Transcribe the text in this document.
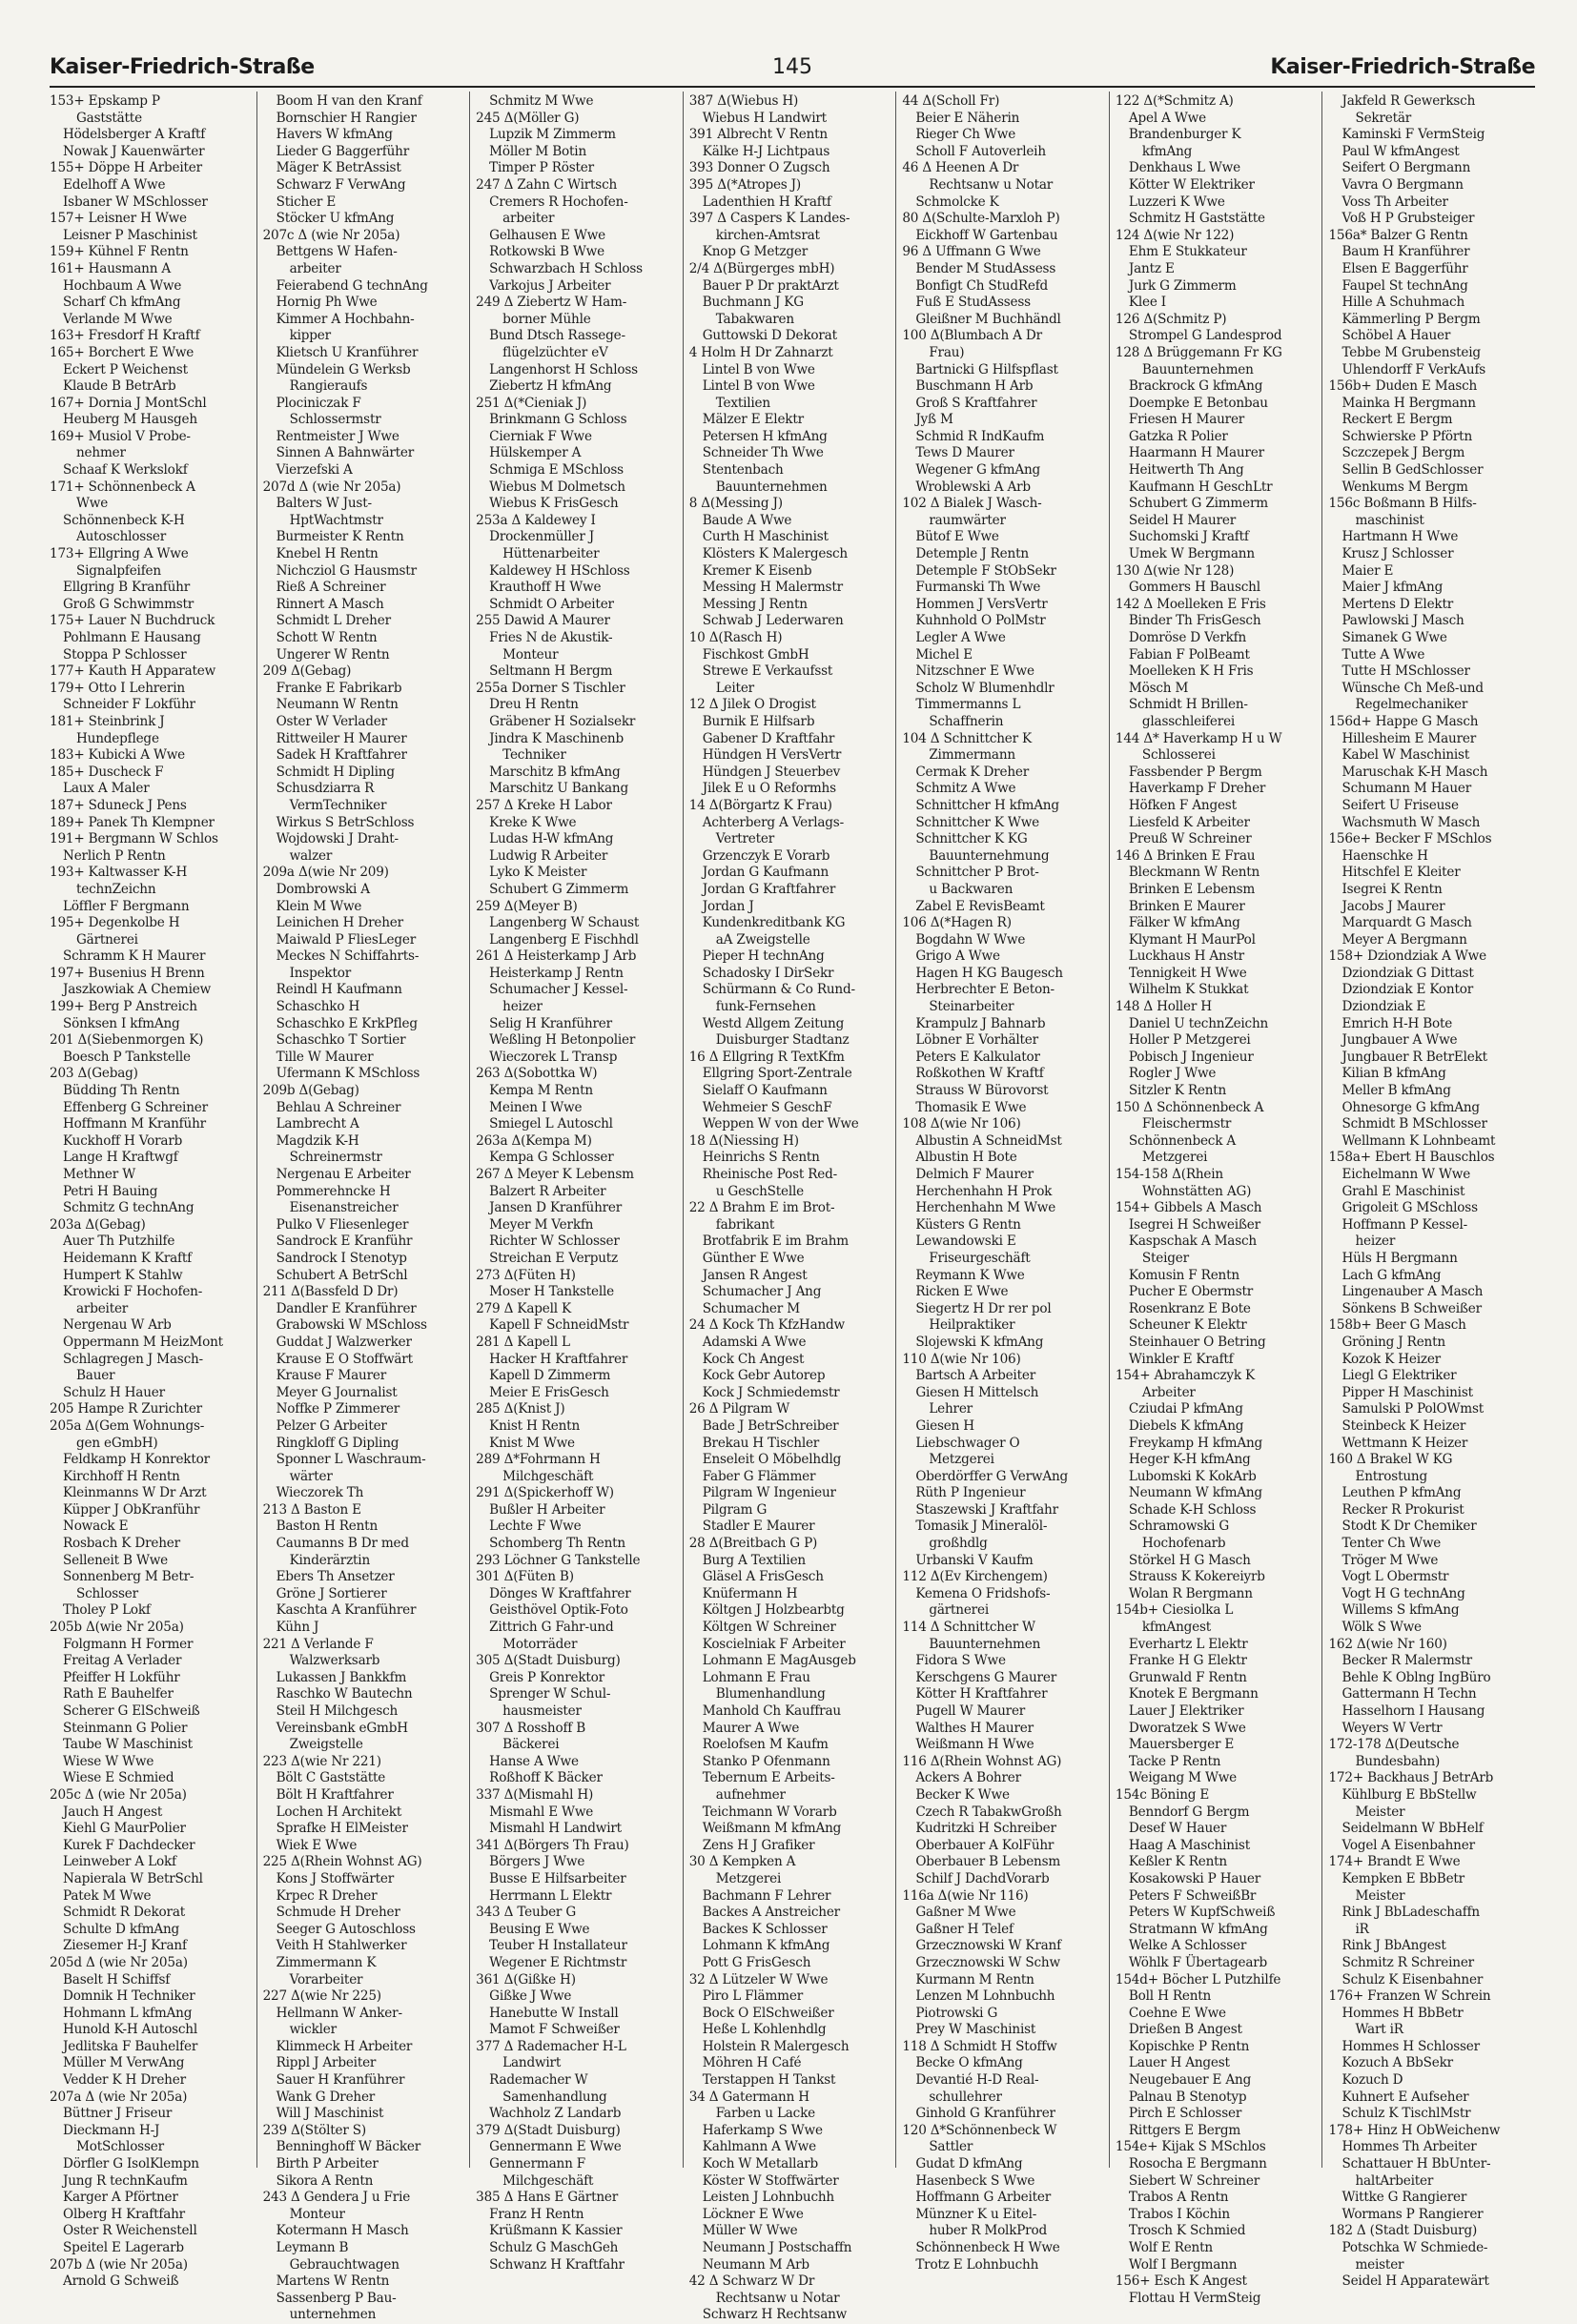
Kaiser-Friedrich-Straße	145	Kaiser-Friedrich-Straße
153+ Epskamp P
Gaststätte
Hödelsberger A Kraftf
Nowak J Kauenwärter
155+ Döppe H Arbeiter
Edelhoff A Wwe
Isbaner W MSchlosser
157+ Leisner H Wwe
Leisner P Maschinist
159+ Kühnel F Rentn
161+ Hausmann A
Hochbaum A Wwe
Scharf Ch kfmAng
Verlande M Wwe
163+ Fresdorf H Kraftf
165+ Borchert E Wwe
Eckert P Weichenst
Klaude B BetrArb
167+ Dornia J MontSchl
Heuberg M Hausgeh
169+ Musiol V Probe-
nehmer
Schaaf K Werkslokf
171+ Schönnenbeck A
Wwe
Schönnenbeck K-H
Autoschlosser
173+ Ellgring A Wwe
Signalpfeifen
Ellgring B Kranführ
Groß G Schwimmstr
175+ Lauer N Buchdruck
Pohlmann E Hausang
Stoppa P Schlosser
177+ Kauth H Apparatew
179+ Otto I Lehrerin
Schneider F Lokführ
181+ Steinbrink J
Hundepflege
183+ Kubicki A Wwe
185+ Duscheck F
Laux A Maler
187+ Sduneck J Pens
189+ Panek Th Klempner
191+ Bergmann W Schlos
Nerlich P Rentn
193+ Kaltwasser K-H
technZeichn
Löffler F Bergmann
195+ Degenkolbe H
Gärtnerei
Schramm K H Maurer
197+ Busenius H Brenn
Jaszkowiak A Chemiew
199+ Berg P Anstreich
Sönksen I kfmAng
201 Δ(Siebenmorgen K)
Boesch P Tankstelle
203 Δ(Gebag)
Büdding Th Rentn
Effenberg G Schreiner
Hoffmann M Kranführ
Kuckhoff H Vorarb
Lange H Kraftwgf
Methner W
Petri H Bauing
Schmitz G technAng
203a Δ(Gebag)
Auer Th Putzhilfe
Heidemann K Kraftf
Humpert K Stahlw
Krowicki F Hochofen-
arbeiter
Nergenau W Arb
Oppermann M HeizMont
Schlagregen J Masch-
Bauer
Schulz H Hauer
205 Hampe R Zurichter
205a Δ(Gem Wohnungs-
gen eGmbH)
Feldkamp H Konrektor
Kirchhoff H Rentn
Kleinmanns W Dr Arzt
Küpper J ObKranführ
Nowack E
Rosbach K Dreher
Selleneit B Wwe
Sonnenberg M Betr-
Schlosser
Tholey P Lokf
205b Δ(wie Nr 205a)
Folgmann H Former
Freitag A Verlader
Pfeiffer H Lokführ
Rath E Bauhelfer
Scherer G ElSchweiß
Steinmann G Polier
Taube W Maschinist
Wiese W Wwe
Wiese E Schmied
205c Δ (wie Nr 205a)
Jauch H Angest
Kiehl G MaurPolier
Kurek F Dachdecker
Leinweber A Lokf
Napierala W BetrSchl
Patek M Wwe
Schmidt R Dekorat
Schulte D kfmAng
Ziesemer H-J Kranf
205d Δ (wie Nr 205a)
Baselt H Schiffsf
Domnik H Techniker
Hohmann L kfmAng
Hunold K-H Autoschl
Jedlitska F Bauhelfer
Müller M VerwAng
Vedder K H Dreher
207a Δ (wie Nr 205a)
Büttner J Friseur
Dieckmann H-J
MotSchlosser
Dörfler G IsolKlempn
Jung R technKaufm
Karger A Pförtner
Olberg H Kraftfahr
Oster R Weichenstell
Speitel E Lagerarb
207b Δ (wie Nr 205a)
Arnold G Schweiß
Boom H van den Kranf
Bornschier H Rangier
Havers W kfmAng
Lieder G Baggerführ
Mäger K BetrAssist
Schwarz F VerwAng
Sticher E
Stöcker U kfmAng
207c Δ (wie Nr 205a)
Bettgens W Hafen-
arbeiter
Feierabend G technAng
Hornig Ph Wwe
Kimmer A Hochbahn-
kipper
Klietsch U Kranführer
Mündelein G Werksb
Rangieraufs
Plociniczak F
Schlossermstr
Rentmeister J Wwe
Sinnen A Bahnwärter
Vierzefski A
207d Δ (wie Nr 205a)
Balters W Just-
HptWachtmstr
Burmeister K Rentn
Knebel H Rentn
Nichcziol G Hausmstr
Rieß A Schreiner
Rinnert A Masch
Schmidt L Dreher
Schott W Rentn
Ungerer W Rentn
209 Δ(Gebag)
Franke E Fabrikarb
Neumann W Rentn
Oster W Verlader
Rittweiler H Maurer
Sadek H Kraftfahrer
Schmidt H Dipling
Schusdziarra R
VermTechniker
Wirkus S BetrSchloss
Wojdowski J Draht-
walzer
209a Δ(wie Nr 209)
Dombrowski A
Klein M Wwe
Leinichen H Dreher
Maiwald P FliesLeger
Meckes N Schiffahrts-
Inspektor
Reindl H Kaufmann
Schaschko H
Schaschko E KrkPfleg
Schaschko T Sortier
Tille W Maurer
Ufermann K MSchloss
209b Δ(Gebag)
Behlau A Schreiner
Lambrecht A
Magdzik K-H
Schreinermstr
Nergenau E Arbeiter
Pommerehncke H
Eisenanstreicher
Pulko V Fliesenleger
Sandrock E Kranführ
Sandrock I Stenotyp
Schubert A BetrSchl
211 Δ(Bassfeld D Dr)
Dandler E Kranführer
Grabowski W MSchloss
Guddat J Walzwerker
Krause E O Stoffwärt
Krause F Maurer
Meyer G Journalist
Noffke P Zimmerer
Pelzer G Arbeiter
Ringkloff G Dipling
Sponner L Waschraum-
wärter
Wieczorek Th
213 Δ Baston E
Baston H Rentn
Caumanns B Dr med
Kinderärztin
Ebers Th Ansetzer
Gröne J Sortierer
Kaschta A Kranführer
Kühn J
221 Δ Verlande F
Walzwerksarb
Lukassen J Bankkfm
Raschko W Bautechn
Steil H Milchgesch
Vereinsbank eGmbH
Zweigstelle
223 Δ(wie Nr 221)
Bölt C Gaststätte
Bölt H Kraftfahrer
Lochen H Architekt
Sprafke H ElMeister
Wiek E Wwe
225 Δ(Rhein Wohnst AG)
Kons J Stoffwärter
Krpec R Dreher
Schmude H Dreher
Seeger G Autoschloss
Veith H Stahlwerker
Zimmermann K
Vorarbeiter
227 Δ(wie Nr 225)
Hellmann W Anker-
wickler
Klimmeck H Arbeiter
Rippl J Arbeiter
Sauer H Kranführer
Wank G Dreher
Will J Maschinist
239 Δ(Stölter S)
Benninghoff W Bäcker
Birth P Arbeiter
Sikora A Rentn
243 Δ Gendera J u Frie
Monteur
Kotermann H Masch
Leymann B
Gebrauchtwagen
Martens W Rentn
Sassenberg P Bau-
unternehmen
Schmitz M Wwe
245 Δ(Möller G)
Lupzik M Zimmerm
Möller M Botin
Timper P Röster
247 Δ Zahn C Wirtsch
Cremers R Hochofen-
arbeiter
Gelhausen E Wwe
Rotkowski B Wwe
Schwarzbach H Schloss
Varkojus J Arbeiter
249 Δ Ziebertz W Ham-
borner Mühle
Bund Dtsch Rassege-
flügelzüchter eV
Langenhorst H Schloss
Ziebertz H kfmAng
251 Δ(*Cieniak J)
Brinkmann G Schloss
Cierniak F Wwe
Hülskemper A
Schmiga E MSchloss
Wiebus M Dolmetsch
Wiebus K FrisGesch
253a Δ Kaldewey I
Drockenmüller J
Hüttenarbeiter
Kaldewey H HSchloss
Krauthoff H Wwe
Schmidt O Arbeiter
255 Dawid A Maurer
Fries N de Akustik-
Monteur
Seltmann H Bergm
255a Dorner S Tischler
Dreu H Rentn
Gräbener H Sozialsekr
Jindra K Maschinenb
Techniker
Marschitz B kfmAng
Marschitz U Bankang
257 Δ Kreke H Labor
Kreke K Wwe
Ludas H-W kfmAng
Ludwig R Arbeiter
Lyko K Meister
Schubert G Zimmerm
259 Δ(Meyer B)
Langenberg W Schaust
Langenberg E Fischhdl
261 Δ Heisterkamp J Arb
Heisterkamp J Rentn
Schumacher J Kessel-
heizer
Selig H Kranführer
Weßling H Betonpolier
Wieczorek L Transp
263 Δ(Sobottka W)
Kempa M Rentn
Meinen I Wwe
Smiegel L Autoschl
263a Δ(Kempa M)
Kempa G Schlosser
267 Δ Meyer K Lebensm
Balzert R Arbeiter
Jansen D Kranführer
Meyer M Verkfn
Richter W Schlosser
Streichan E Verputz
273 Δ(Füten H)
Moser H Tankstelle
279 Δ Kapell K
Kapell F SchneidMstr
281 Δ Kapell L
Hacker H Kraftfahrer
Kapell D Zimmerm
Meier E FrisGesch
285 Δ(Knist J)
Knist H Rentn
Knist M Wwe
289 Δ*Fohrmann H
Milchgeschäft
291 Δ(Spickerhoff W)
Bußler H Arbeiter
Lechte F Wwe
Schomberg Th Rentn
293 Löchner G Tankstelle
301 Δ(Füten B)
Dönges W Kraftfahrer
Geisthövel Optik-Foto
Zittrich G Fahr-und
Motorräder
305 Δ(Stadt Duisburg)
Greis P Konrektor
Sprenger W Schul-
hausmeister
307 Δ Rosshoff B
Bäckerei
Hanse A Wwe
Roßhoff K Bäcker
337 Δ(Mismahl H)
Mismahl E Wwe
Mismahl H Landwirt
341 Δ(Börgers Th Frau)
Börgers J Wwe
Busse E Hilfsarbeiter
Herrmann L Elektr
343 Δ Teuber G
Beusing E Wwe
Teuber H Installateur
Wegener E Richtmstr
361 Δ(Gißke H)
Gißke J Wwe
Hanebutte W Install
Mamot F Schweißer
377 Δ Rademacher H-L
Landwirt
Rademacher W
Samenhandlung
Wachholz Z Landarb
379 Δ(Stadt Duisburg)
Gennermann E Wwe
Gennermann F
Milchgeschäft
385 Δ Hans E Gärtner
Franz H Rentn
Krüßmann K Kassier
Schulz G MaschGeh
Schwanz H Kraftfahr
387 Δ(Wiebus H)
Wiebus H Landwirt
391 Albrecht V Rentn
Kälke H-J Lichtpaus
393 Donner O Zugsch
395 Δ(*Atropes J)
Ladenthien H Kraftf
397 Δ Caspers K Landes-
kirchen-Amtsrat
Knop G Metzger
2/4 Δ(Bürgerges mbH)
Bauer P Dr praktArzt
Buchmann J KG
Tabakwaren
Guttowski D Dekorat
4 Holm H Dr Zahnarzt
Lintel B von Wwe
Lintel B von Wwe
Textilien
Mälzer E Elektr
Petersen H kfmAng
Schneider Th Wwe
Stentenbach
Bauunternehmen
8 Δ(Messing J)
Baude A Wwe
Curth H Maschinist
Klösters K Malergesch
Kremer K Eisenb
Messing H Malermstr
Messing J Rentn
Schwab J Lederwaren
10 Δ(Rasch H)
Fischkost GmbH
Strewe E Verkaufsst
Leiter
12 Δ Jilek O Drogist
Burnik E Hilfsarb
Gabener D Kraftfahr
Hündgen H VersVertr
Hündgen J Steuerbev
Jilek E u O Reformhs
14 Δ(Börgartz K Frau)
Achterberg A Verlags-
Vertreter
Grzenczyk E Vorarb
Jordan G Kaufmann
Jordan G Kraftfahrer
Jordan J
Kundenkreditbank KG
aA Zweigstelle
Pieper H technAng
Schadosky I DirSekr
Schürmann & Co Rund-
funk-Fernsehen
Westd Allgem Zeitung
Duisburger Stadtanz
16 Δ Ellgring R TextKfm
Ellgring Sport-Zentrale
Sielaff O Kaufmann
Wehmeier S GeschF
Weppen W von der Wwe
18 Δ(Niessing H)
Heinrichs S Rentn
Rheinische Post Red-
u GeschStelle
22 Δ Brahm E im Brot-
fabrikant
Brotfabrik E im Brahm
Günther E Wwe
Jansen R Angest
Schumacher J Ang
Schumacher M
24 Δ Kock Th KfzHandw
Adamski A Wwe
Kock Ch Angest
Kock Gebr Autorep
Kock J Schmiedemstr
26 Δ Pilgram W
Bade J BetrSchreiber
Brekau H Tischler
Enseleit O Möbelhdlg
Faber G Flämmer
Pilgram W Ingenieur
Pilgram G
Stadler E Maurer
28 Δ(Breitbach G P)
Burg A Textilien
Gläsel A FrisGesch
Knüfermann H
Költgen J Holzbearbtg
Költgen W Schreiner
Koscielniak F Arbeiter
Lohmann E MagAusgeb
Lohmann E Frau
Blumenhandlung
Manhold Ch Kauffrau
Maurer A Wwe
Roelofsen M Kaufm
Stanko P Ofenmann
Tebernum E Arbeits-
aufnehmer
Teichmann W Vorarb
Weißmann M kfmAng
Zens H J Grafiker
30 Δ Kempken A
Metzgerei
Bachmann F Lehrer
Backes A Anstreicher
Backes K Schlosser
Lohmann K kfmAng
Pott G FrisGesch
32 Δ Lützeler W Wwe
Piro L Flämmer
Bock O ElSchweißer
Heße L Kohlenhdlg
Holstein R Malergesch
Möhren H Café
Terstappen H Tankst
34 Δ Gatermann H
Farben u Lacke
Haferkamp S Wwe
Kahlmann A Wwe
Koch W Metallarb
Köster W Stoffwärter
Leisten J Lohnbuchh
Löckner E Wwe
Müller W Wwe
Neumann J Postschaffn
Neumann M Arb
42 Δ Schwarz W Dr
Rechtsanw u Notar
Schwarz H Rechtsanw
44 Δ(Scholl Fr)
Beier E Näherin
Rieger Ch Wwe
Scholl F Autoverleih
46 Δ Heenen A Dr
Rechtsanw u Notar
Schmolcke K
80 Δ(Schulte-Marxloh P)
Eickhoff W Gartenbau
96 Δ Uffmann G Wwe
Bender M StudAssess
Bonfigt Ch StudRefd
Fuß E StudAssess
Gleißner M Buchhändl
100 Δ(Blumbach A Dr
Frau)
Bartnicki G Hilfspflast
Buschmann H Arb
Groß S Kraftfahrer
Jyß M
Schmid R IndKaufm
Tews D Maurer
Wegener G kfmAng
Wroblewski A Arb
102 Δ Bialek J Wasch-
raumwärter
Bütof E Wwe
Detemple J Rentn
Detemple F StObSekr
Furmanski Th Wwe
Hommen J VersVertr
Kuhnhold O PolMstr
Legler A Wwe
Michel E
Nitzschner E Wwe
Scholz W Blumenhdlr
Timmermanns L
Schaffnerin
104 Δ Schnittcher K
Zimmermann
Cermak K Dreher
Schmitz A Wwe
Schnittcher H kfmAng
Schnittcher K Wwe
Schnittcher K KG
Bauunternehmung
Schnittcher P Brot-
u Backwaren
Zabel E RevisBeamt
106 Δ(*Hagen R)
Bogdahn W Wwe
Grigo A Wwe
Hagen H KG Baugesch
Herbrechter E Beton-
Steinarbeiter
Krampulz J Bahnarb
Löbner E Vorhälter
Peters E Kalkulator
Roßkothen W Kraftf
Strauss W Bürovorst
Thomasik E Wwe
108 Δ(wie Nr 106)
Albustin A SchneidMst
Albustin H Bote
Delmich F Maurer
Herchenhahn H Prok
Herchenhahn M Wwe
Küsters G Rentn
Lewandowski E
Friseurgeschäft
Reymann K Wwe
Ricken E Wwe
Siegertz H Dr rer pol
Heilpraktiker
Slojewski K kfmAng
110 Δ(wie Nr 106)
Bartsch A Arbeiter
Giesen H Mittelsch
Lehrer
Giesen H
Liebschwager O
Metzgerei
Oberdörffer G VerwAng
Rüth P Ingenieur
Staszewski J Kraftfahr
Tomasik J Mineralöl-
großhdlg
Urbanski V Kaufm
112 Δ(Ev Kirchengem)
Kemena O Fridshofs-
gärtnerei
114 Δ Schnittcher W
Bauunternehmen
Fidora S Wwe
Kerschgens G Maurer
Kötter H Kraftfahrer
Pugell W Maurer
Walthes H Maurer
Weißmann H Wwe
116 Δ(Rhein Wohnst AG)
Ackers A Bohrer
Becker K Wwe
Czech R TabakwGroßh
Kudritzki H Schreiber
Oberbauer A KolFühr
Oberbauer B Lebensm
Schilf J DachdVorarb
116a Δ(wie Nr 116)
Gaßner M Wwe
Gaßner H Telef
Grzecznowski W Kranf
Grzecznowski W Schw
Kurmann M Rentn
Lenzen M Lohnbuchh
Piotrowski G
Prey W Maschinist
118 Δ Schmidt H Stoffw
Becke O kfmAng
Devantié H-D Real-
schullehrer
Ginhold G Kranführer
120 Δ*Schönnenbeck W
Sattler
Gudat D kfmAng
Hasenbeck S Wwe
Hoffmann G Arbeiter
Münzner K u Eitel-
huber R MolkProd
Schönnenbeck H Wwe
Trotz E Lohnbuchh
122 Δ(*Schmitz A)
Apel A Wwe
Brandenburger K
kfmAng
Denkhaus L Wwe
Kötter W Elektriker
Luzzeri K Wwe
Schmitz H Gaststätte
124 Δ(wie Nr 122)
Ehm E Stukkateur
Jantz E
Jurk G Zimmerm
Klee I
126 Δ(Schmitz P)
Strompel G Landesprod
128 Δ Brüggemann Fr KG
Bauunternehmen
Brackrock G kfmAng
Doempke E Betonbau
Friesen H Maurer
Gatzka R Polier
Haarmann H Maurer
Heitwerth Th Ang
Kaufmann H GeschLtr
Schubert G Zimmerm
Seidel H Maurer
Suchomski J Kraftf
Umek W Bergmann
130 Δ(wie Nr 128)
Gommers H Bauschl
142 Δ Moelleken E Fris
Binder Th FrisGesch
Domröse D Verkfn
Fabian F PolBeamt
Moelleken K H Fris
Mösch M
Schmidt H Brillen-
glasschleiferei
144 Δ* Haverkamp H u W
Schlosserei
Fassbender P Bergm
Haverkamp F Dreher
Höfken F Angest
Liesfeld K Arbeiter
Preuß W Schreiner
146 Δ Brinken E Frau
Bleckmann W Rentn
Brinken E Lebensm
Brinken E Maurer
Fälker W kfmAng
Klymant H MaurPol
Luckhaus H Anstr
Tennigkeit H Wwe
Wilhelm K Stukkat
148 Δ Holler H
Daniel U technZeichn
Holler P Metzgerei
Pobisch J Ingenieur
Rogler J Wwe
Sitzler K Rentn
150 Δ Schönnenbeck A
Fleischermstr
Schönnenbeck A
Metzgerei
154-158 Δ(Rhein
Wohnstätten AG)
154+ Gibbels A Masch
Isegrei H Schweißer
Kaspschak A Masch
Steiger
Komusin F Rentn
Pucher E Obermstr
Rosenkranz E Bote
Scheuner K Elektr
Steinhauer O Betring
Winkler E Kraftf
154+ Abrahamczyk K
Arbeiter
Cziudai P kfmAng
Diebels K kfmAng
Freykamp H kfmAng
Heger K-H kfmAng
Lubomski K KokArb
Neumann W kfmAng
Schade K-H Schloss
Schramowski G
Hochofenarb
Störkel H G Masch
Strauss K Kokereiyrb
Wolan R Bergmann
154b+ Ciesiolka L
kfmAngest
Everhartz L Elektr
Franke H G Elektr
Grunwald F Rentn
Knotek E Bergmann
Lauer J Elektriker
Dworatzek S Wwe
Mauersberger E
Tacke P Rentn
Weigang M Wwe
154c Böning E
Benndorf G Bergm
Desef W Hauer
Haag A Maschinist
Keßler K Rentn
Kosakowski P Hauer
Peters F SchweißBr
Peters W KupfSchweiß
Stratmann W kfmAng
Welke A Schlosser
Wöhlk F Übertagearb
154d+ Böcher L Putzhilfe
Boll H Rentn
Coehne E Wwe
Drießen B Angest
Kopischke P Rentn
Lauer H Angest
Neugebauer E Ang
Palnau B Stenotyp
Pirch E Schlosser
Rittgers E Bergm
154e+ Kijak S MSchlos
Rosocha E Bergmann
Siebert W Schreiner
Trabos A Rentn
Trabos I Köchin
Trosch K Schmied
Wolf E Rentn
Wolf I Bergmann
156+ Esch K Angest
Flottau H VermSteig
Jakfeld R Gewerksch
Sekretär
Kaminski F VermSteig
Paul W kfmAngest
Seifert O Bergmann
Vavra O Bergmann
Voss Th Arbeiter
Voß H P Grubsteiger
156a* Balzer G Rentn
Baum H Kranführer
Elsen E Baggerführ
Faupel St technAng
Hille A Schuhmach
Kämmerling P Bergm
Schöbel A Hauer
Tebbe M Grubensteig
Uhlendorff F VerkAufs
156b+ Duden E Masch
Mainka H Bergmann
Reckert E Bergm
Schwierske P Pförtn
Sczczepek J Bergm
Sellin B GedSchlosser
Wenkums M Bergm
156c Boßmann B Hilfs-
maschinist
Hartmann H Wwe
Krusz J Schlosser
Maier E
Maier J kfmAng
Mertens D Elektr
Pawlowski J Masch
Simanek G Wwe
Tutte A Wwe
Tutte H MSchlosser
Wünsche Ch Meß-und
Regelmechaniker
156d+ Happe G Masch
Hillesheim E Maurer
Kabel W Maschinist
Maruschak K-H Masch
Schumann M Hauer
Seifert U Friseuse
Wachsmuth W Masch
156e+ Becker F MSchlos
Haenschke H
Hitschfel E Kleiter
Isegrei K Rentn
Jacobs J Maurer
Marquardt G Masch
Meyer A Bergmann
158+ Dziondziak A Wwe
Dziondziak G Dittast
Dziondziak E Kontor
Dziondziak E
Emrich H-H Bote
Jungbauer A Wwe
Jungbauer R BetrElekt
Kilian B kfmAng
Meller B kfmAng
Ohnesorge G kfmAng
Schmidt B MSchlosser
Wellmann K Lohnbeamt
158a+ Ebert H Bauschlos
Eichelmann W Wwe
Grahl E Maschinist
Grigoleit G MSchloss
Hoffmann P Kessel-
heizer
Hüls H Bergmann
Lach G kfmAng
Lingenauber A Masch
Sönkens B Schweißer
158b+ Beer G Masch
Gröning J Rentn
Kozok K Heizer
Liegl G Elektriker
Pipper H Maschinist
Samulski P PolOWmst
Steinbeck K Heizer
Wettmann K Heizer
160 Δ Brakel W KG
Entrostung
Leuthen P kfmAng
Recker R Prokurist
Stodt K Dr Chemiker
Tenter Ch Wwe
Tröger M Wwe
Vogt L Obermstr
Vogt H G technAng
Willems S kfmAng
Wölk S Wwe
162 Δ(wie Nr 160)
Becker R Malermstr
Behle K Oblng IngBüro
Gattermann H Techn
Hasselhorn I Hausang
Weyers W Vertr
172-178 Δ(Deutsche
Bundesbahn)
172+ Backhaus J BetrArb
Kühlburg E BbStellw
Meister
Seidelmann W BbHelf
Vogel A Eisenbahner
174+ Brandt E Wwe
Kempken E BbBetr
Meister
Rink J BbLadeschaffn
iR
Rink J BbAngest
Schmitz R Schreiner
Schulz K Eisenbahner
176+ Franzen W Schrein
Hommes H BbBetr
Wart iR
Hommes H Schlosser
Kozuch A BbSekr
Kozuch D
Kuhnert E Aufseher
Schulz K TischlMstr
178+ Hinz H ObWeichenw
Hommes Th Arbeiter
Schattauer H BbUnter-
haltArbeiter
Wittke G Rangierer
Wormans P Rangierer
182 Δ (Stadt Duisburg)
Potschka W Schmiede-
meister
Seidel H Apparatewärt
